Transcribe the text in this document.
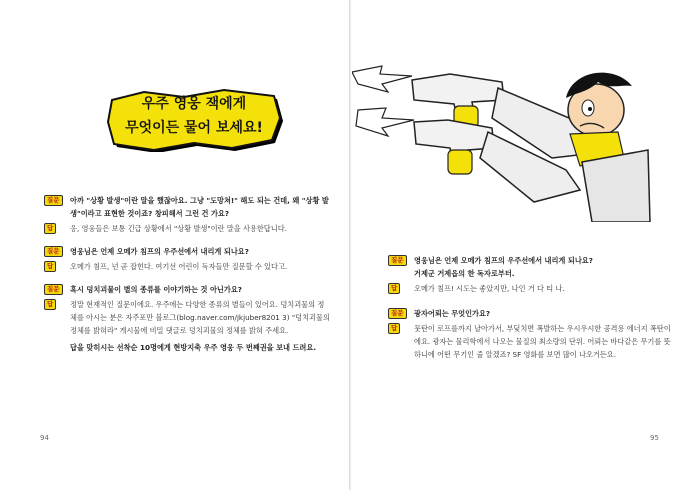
우주 영웅 잭에게
무엇이든 물어 보세요!
질문	아까 "상황 발생"이란 말을 했잖아요. 그냥 "도망쳐!" 해도 되는 건데, 왜 "상황 발생"이라고 표현한 것이죠? 창피해서 그런 건 가요?
답	응, 영웅들은 보통 긴급 상황에서 "상황 발생"이란 말을 사용한답니다.
질문	영웅님은 언제 오메가 침프의 우주선에서 내리게 되나요?
답	오메가 침프, 넌 곧 잡힌다. 여기선 어린이 독자들만 질문할 수 있다고.
질문	혹시 덩치괴물이 별의 종류를 이야기하는 것 아닌가요?
답	정말 현재적인 질문이에요. 우주에는 다양한 종류의 별들이 있어요. 덩치괴물의 정체를 아시는 분은 자주포만 블로그(blog.naver.com/jkjuber8201 3) "덩치괴물의 정체를 밝혀라" 게시물에 비밀 댓글로 덩치괴물의 정체를 밝혀 주세요.
답을 맞히시는 선착순 10명에게 현방지축 우주 영웅 두 번째권을 보내 드려요.
94
질문	영웅님은 언제 오메가 침프의 우주선에서 내리게 되나요?
거제군 거제읍의 한 독자로부터.
답	오메가 침프! 시도는 좋았지만, 나인 거 다 티 나.
질문	광자어뢰는 무엇인가요?
답	뭇탄이 로프를까지 날아가서, 부딪치면 폭발하는 우시우시한 공격용 에너지 폭탄이에요. 광자는 물리학에서 나오는 물질의 최소량의 단위. 어뢰는 바다같은 무기를 뜻하니에 어떤 무기인 줄 알겠죠? SF 영화를 보면 많이 나오거든요.
95
